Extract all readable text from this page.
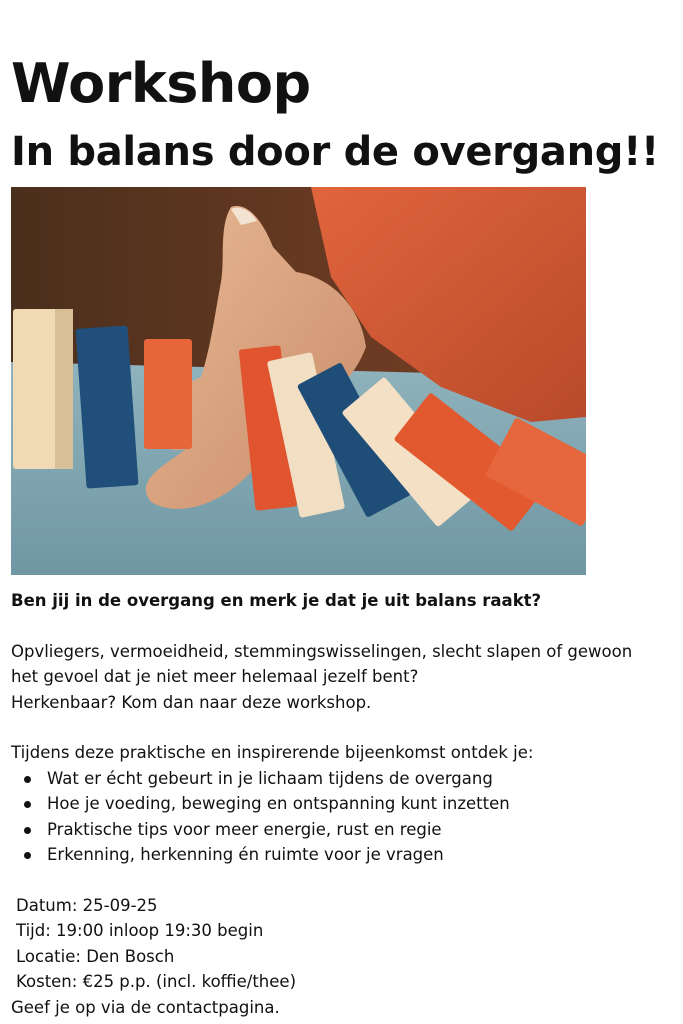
Workshop
In balans door de overgang!!

Ben jij in de overgang en merk je dat je uit balans raakt?

Opvliegers, vermoeidheid, stemmingswisselingen, slecht slapen of gewoon
het gevoel dat je niet meer helemaal jezelf bent?
Herkenbaar? Kom dan naar deze workshop.

Tijdens deze praktische en inspirerende bijeenkomst ontdek je:

Wat er écht gebeurt in je lichaam tijdens de overgang
Hoe je voeding, beweging en ontspanning kunt inzetten
Praktische tips voor meer energie, rust en regie
Erkenning, herkenning én ruimte voor je vragen
Datum: 25-09-25
Tijd: 19:00 inloop 19:30 begin
Locatie: Den Bosch
Kosten: €25 p.p. (incl. koffie/thee)
Geef je op via de contactpagina.
